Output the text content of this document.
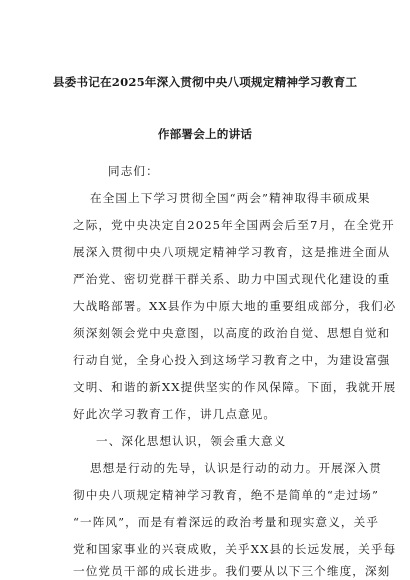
县委书记在2025年深入贯彻中央八项规定精神学习教育工
作部署会上的讲话
同志们：
在全国上下学习贯彻全国“两会”精神取得丰硕成果
之际，党中央决定自2025年全国两会后至7月，在全党开
展深入贯彻中央八项规定精神学习教育，这是推进全面从
严治党、密切党群干群关系、助力中国式现代化建设的重
大战略部署。XX县作为中原大地的重要组成部分，我们必
须深刻领会党中央意图，以高度的政治自觉、思想自觉和
行动自觉，全身心投入到这场学习教育之中，为建设富强
文明、和谐的新XX提供坚实的作风保障。下面，我就开展
好此次学习教育工作，讲几点意见。
一、深化思想认识，领会重大意义
思想是行动的先导，认识是行动的动力。开展深入贯
彻中央八项规定精神学习教育，绝不是简单的“走过场”
“一阵风”，而是有着深远的政治考量和现实意义，关乎
党和国家事业的兴衰成败，关乎XX县的长远发展，关乎每
一位党员干部的成长进步。我们要从以下三个维度，深刻
